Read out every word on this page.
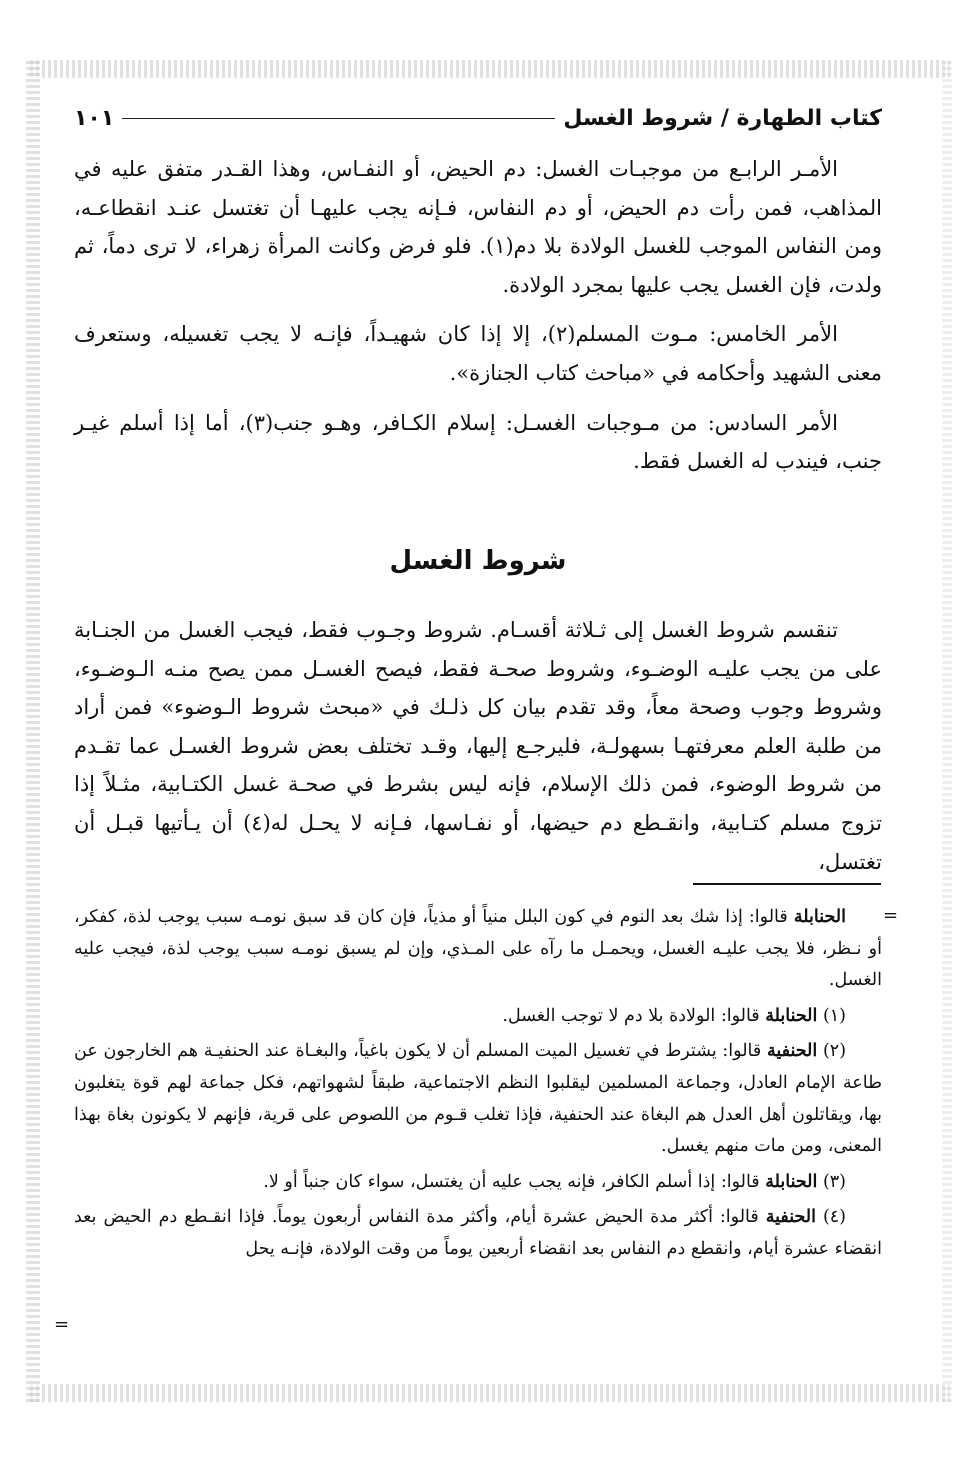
كتاب الطهارة / شروط الغسل
١٠١

الأمـر الرابـع من موجبـات الغسل: دم الحيض، أو النفـاس، وهذا القـدر متفق عليه في المذاهب، فمن رأت دم الحيض، أو دم النفاس، فـإنه يجب عليهـا أن تغتسل عنـد انقطاعـه، ومن النفاس الموجب للغسل الولادة بلا دم(١). فلو فرض وكانت المرأة زهراء، لا ترى دماً، ثم ولدت، فإن الغسل يجب عليها بمجرد الولادة.

الأمر الخامس: مـوت المسلم(٢)، إلا إذا كان شهيـداً، فإنـه لا يجب تغسيله، وستعرف معنى الشهيد وأحكامه في «مباحث كتاب الجنازة».

الأمر السادس: من مـوجبات الغسـل: إسلام الكـافر، وهـو جنب(٣)، أما إذا أسلم غيـر جنب، فيندب له الغسل فقط.

شروط الغسل

تنقسم شروط الغسل إلى ثـلاثة أقسـام. شروط وجـوب فقط، فيجب الغسل من الجنـابة على من يجب عليـه الوضـوء، وشروط صحـة فقط، فيصح الغسـل ممن يصح منـه الـوضـوء، وشروط وجوب وصحة معاً، وقد تقدم بيان كل ذلـك في «مبحث شروط الـوضوء» فمن أراد من طلبة العلم معرفتهـا بسهولـة، فليرجـع إليها، وقـد تختلف بعض شروط الغسـل عما تقـدم من شروط الوضوء، فمن ذلك الإسلام، فإنه ليس بشرط في صحـة غسل الكتـابية، مثـلاً إذا تزوج مسلم كتـابية، وانقـطع دم حيضها، أو نفـاسها، فـإنه لا يحـل له(٤) أن يـأتيها قبـل أن تغتسل،

=

الحنابلة قالوا: إذا شك بعد النوم في كون البلل منياً أو مذياً، فإن كان قد سبق نومـه سبب يوجب لذة، كفكر، أو نـظر، فلا يجب عليـه الغسل، ويحمـل ما رآه على المـذي، وإن لم يسبق نومـه سبب يوجب لذة، فيجب عليه الغسل.

(١) الحنابلة قالوا: الولادة بلا دم لا توجب الغسل.

(٢) الحنفية قالوا: يشترط في تغسيل الميت المسلم أن لا يكون باغياً، والبغـاة عند الحنفيـة هم الخارجون عن طاعة الإمام العادل، وجماعة المسلمين ليقلبوا النظم الاجتماعية، طبقاً لشهواتهم، فكل جماعة لهم قوة يتغلبون بها، ويقاتلون أهل العدل هم البغاة عند الحنفية، فإذا تغلب قـوم من اللصوص على قرية، فإنهم لا يكونون بغاة بهذا المعنى، ومن مات منهم يغسل.

(٣) الحنابلة قالوا: إذا أسلم الكافر، فإنه يجب عليه أن يغتسل، سواء كان جنباً أو لا.

(٤) الحنفية قالوا: أكثر مدة الحيض عشرة أيام، وأكثر مدة النفاس أربعون يوماً. فإذا انقـطع دم الحيض بعد انقضاء عشرة أيام، وانقطع دم النفاس بعد انقضاء أربعين يوماً من وقت الولادة، فإنـه يحل

=
